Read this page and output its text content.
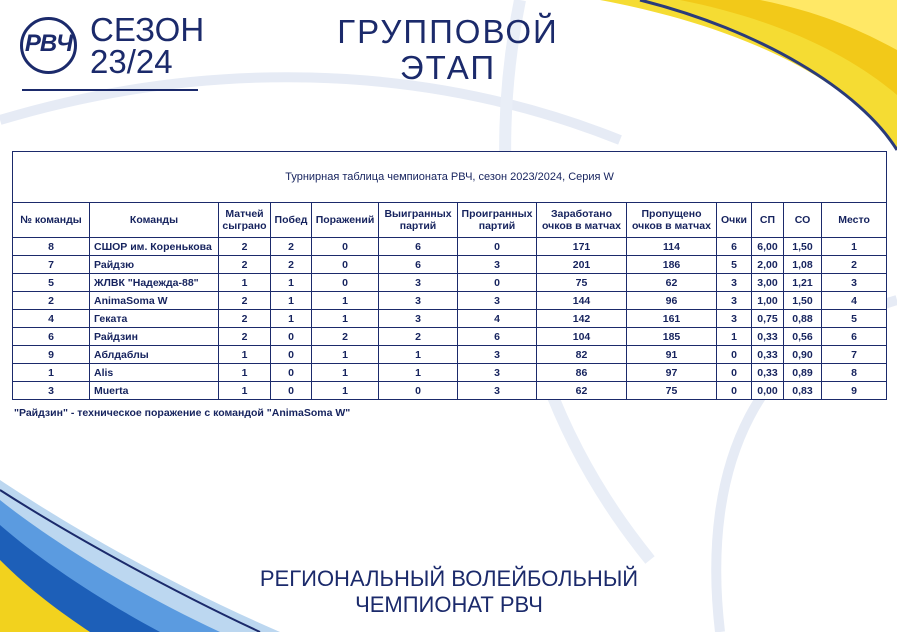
РВЧ СЕЗОН
23/24
ГРУППОВОЙ
ЭТАП
Турнирная таблица чемпионата РВЧ, сезон 2023/2024, Серия W												
№ команды	Команды	Матчей сыграно	Побед	Поражений	Выигранных партий	Проигранных партий	Заработано очков в матчах	Пропущено очков в матчах	Очки	СП	СО	Место
8	СШОР им. Коренькова	2	2	0	6	0	171	114	6	6,00	1,50	1
7	Райдзю	2	2	0	6	3	201	186	5	2,00	1,08	2
5	ЖЛВК "Надежда-88"	1	1	0	3	0	75	62	3	3,00	1,21	3
2	AnimaSoma W	2	1	1	3	3	144	96	3	1,00	1,50	4
4	Геката	2	1	1	3	4	142	161	3	0,75	0,88	5
6	Райдзин	2	0	2	2	6	104	185	1	0,33	0,56	6
9	Аблдаблы	1	0	1	1	3	82	91	0	0,33	0,90	7
1	Alis	1	0	1	1	3	86	97	0	0,33	0,89	8
3	Muerta	1	0	1	0	3	62	75	0	0,00	0,83	9
"Райдзин" - техническое поражение с командой "AnimaSoma W"
РЕГИОНАЛЬНЫЙ ВОЛЕЙБОЛЬНЫЙ
ЧЕМПИОНАТ РВЧ
